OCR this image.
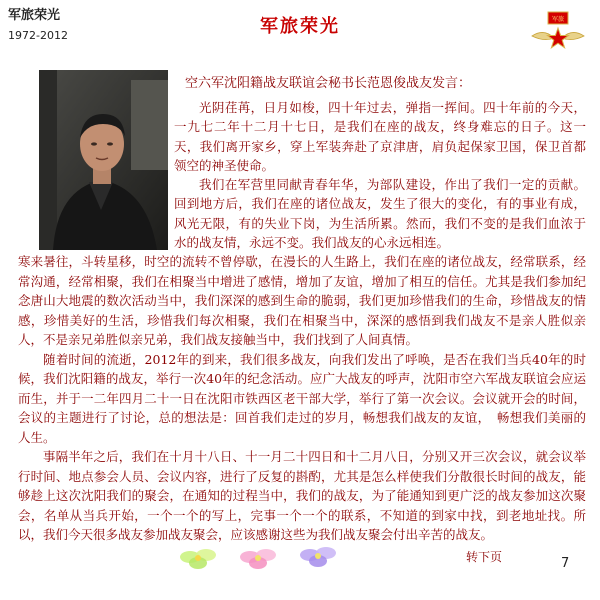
军旅荣光
1972-2012	军旅荣光	军旅
空六军沈阳籍战友联谊会秘书长范恩俊战友发言：

光阴荏苒，日月如梭，四十年过去，弹指一挥间。四十年前的今天，一九七二年十二月十七日，是我们在座的战友，终身难忘的日子。这一天，我们离开家乡，穿上军装奔赴了京津唐，肩负起保家卫国，保卫首都领空的神圣使命。

我们在军营里同献青春年华，为部队建设，作出了我们一定的贡献。回到地方后，我们在座的诸位战友，发生了很大的变化，有的事业有成，风光无限，有的失业下岗，为生活所累。然而，我们不变的是我们血浓于水的战友情，永远不变。我们战友的心永远相连。

寒来暑往，斗转星移，时空的流转不曾停歇，在漫长的人生路上，我们在座的诸位战友，经常联系，经常沟通，经常相聚，我们在相聚当中增进了感情，增加了友谊，增加了相互的信任。尤其是我们参加纪念唐山大地震的数次活动当中，我们深深的感到生命的脆弱，我们更加珍惜我们的生命，珍惜战友的情感，珍惜美好的生活，珍惜我们每次相聚，我们在相聚当中，深深的感悟到我们战友不是亲人胜似亲人，不是亲兄弟胜似亲兄弟，我们战友接触当中，我们找到了人间真情。

随着时间的流逝，2012年的到来，我们很多战友，向我们发出了呼唤，是否在我们当兵40年的时候，我们沈阳籍的战友，举行一次40年的纪念活动。应广大战友的呼声，沈阳市空六军战友联谊会应运而生，并于一二年四月二十一日在沈阳市铁西区老干部大学，举行了第一次会议。会议就开会的时间，会议的主题进行了讨论，总的想法是：回首我们走过的岁月，畅想我们战友的友谊，　畅想我们美丽的人生。

事隔半年之后，我们在十月十八日、十一月二十四日和十二月八日，分别又开三次会议，就会议举行时间、地点参会人员、会议内容，进行了反复的斟酌，尤其是怎么样使我们分散很长时间的战友，能够趁上这次沈阳我们的聚会，在通知的过程当中，我们的战友，为了能通知到更广泛的战友参加这次聚会，名单从当兵开始，一个一个的写上，完事一个一个的联系，不知道的到家中找，到老地址找。所以，我们今天很多战友参加战友聚会，应该感谢这些为我们战友聚会付出辛苦的战友。

转下页	7
